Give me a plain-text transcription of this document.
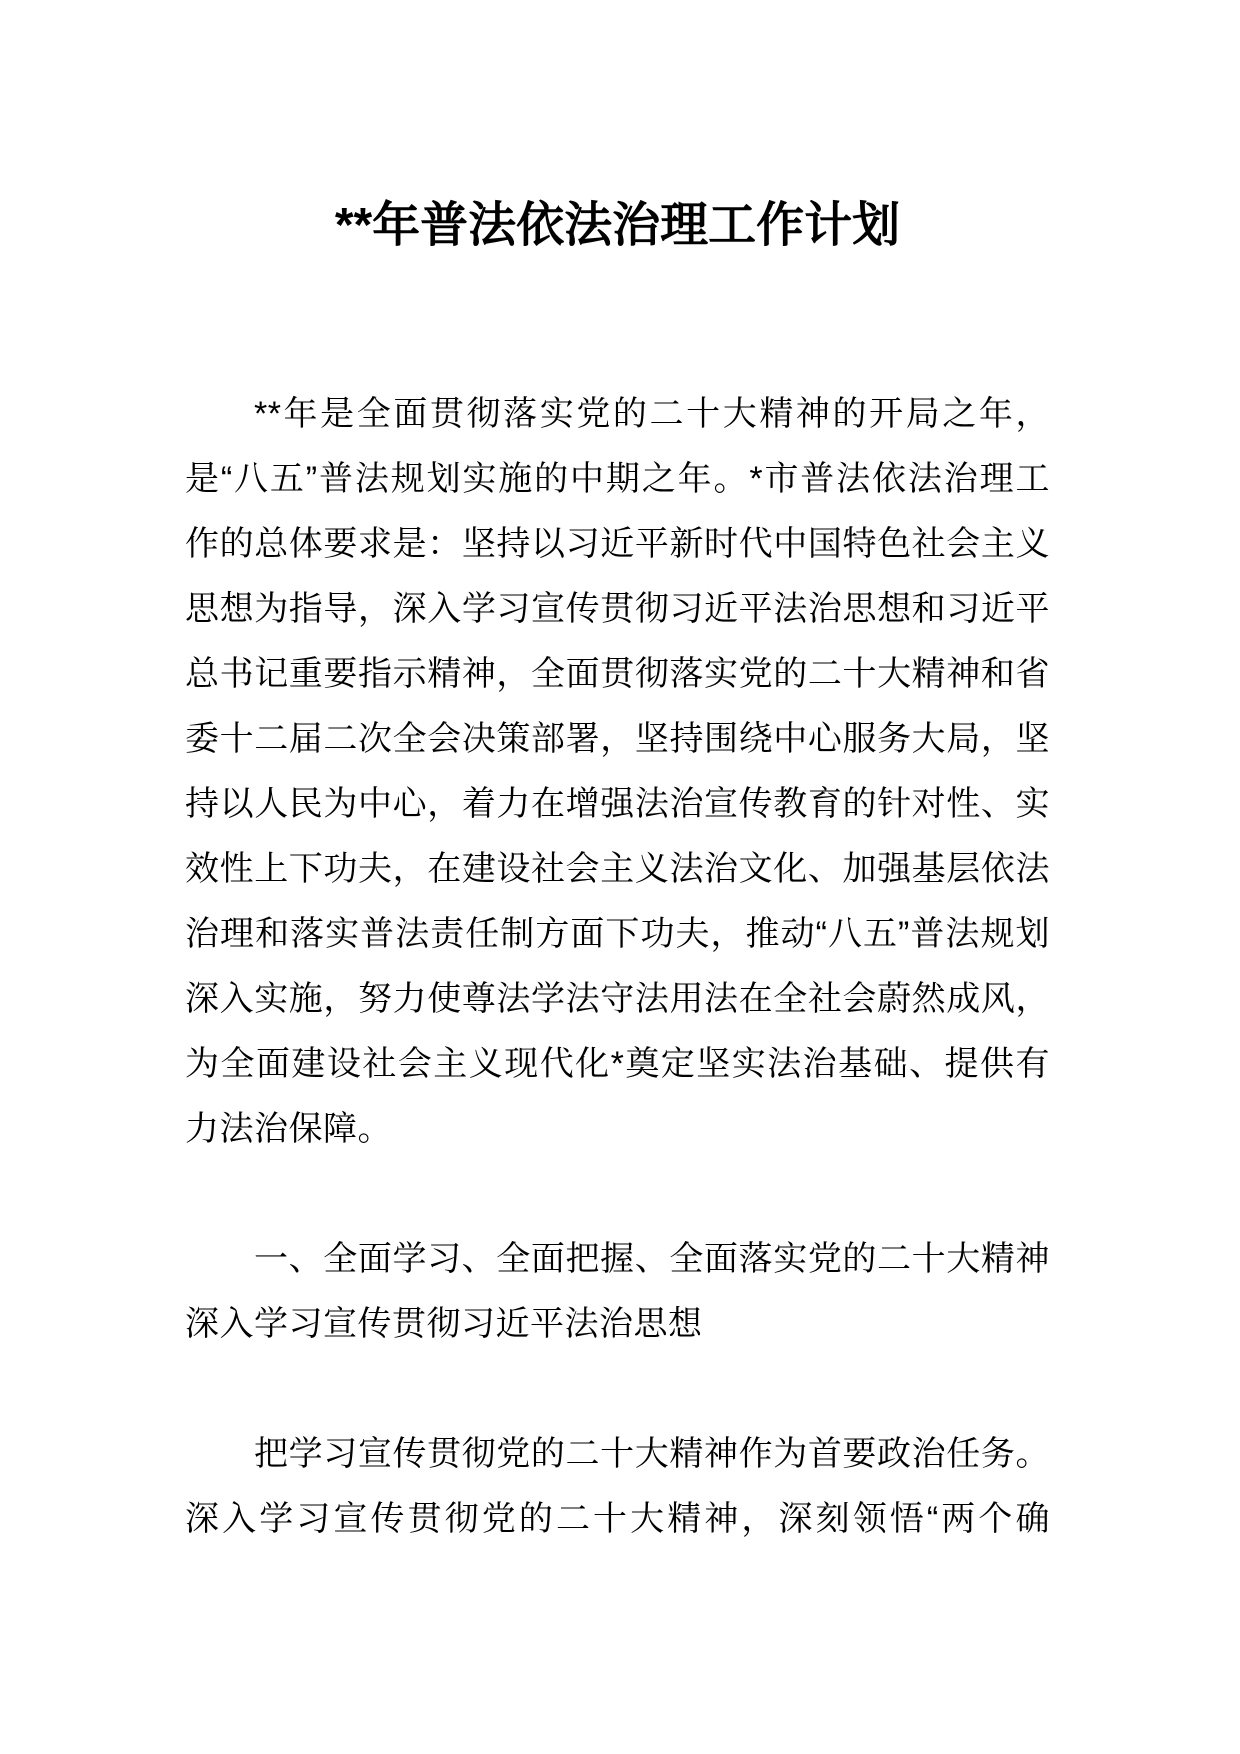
**年普法依法治理工作计划

**年是全面贯彻落实党的二十大精神的开局之年，是“八五”普法规划实施的中期之年。*市普法依法治理工作的总体要求是：坚持以习近平新时代中国特色社会主义思想为指导，深入学习宣传贯彻习近平法治思想和习近平总书记重要指示精神，全面贯彻落实党的二十大精神和省委十二届二次全会决策部署，坚持围绕中心服务大局，坚持以人民为中心，着力在增强法治宣传教育的针对性、实效性上下功夫，在建设社会主义法治文化、加强基层依法治理和落实普法责任制方面下功夫，推动“八五”普法规划深入实施，努力使尊法学法守法用法在全社会蔚然成风，为全面建设社会主义现代化*奠定坚实法治基础、提供有力法治保障。

一、全面学习、全面把握、全面落实党的二十大精神深入学习宣传贯彻习近平法治思想

把学习宣传贯彻党的二十大精神作为首要政治任务。深入学习宣传贯彻党的二十大精神，深刻领悟“两个确
